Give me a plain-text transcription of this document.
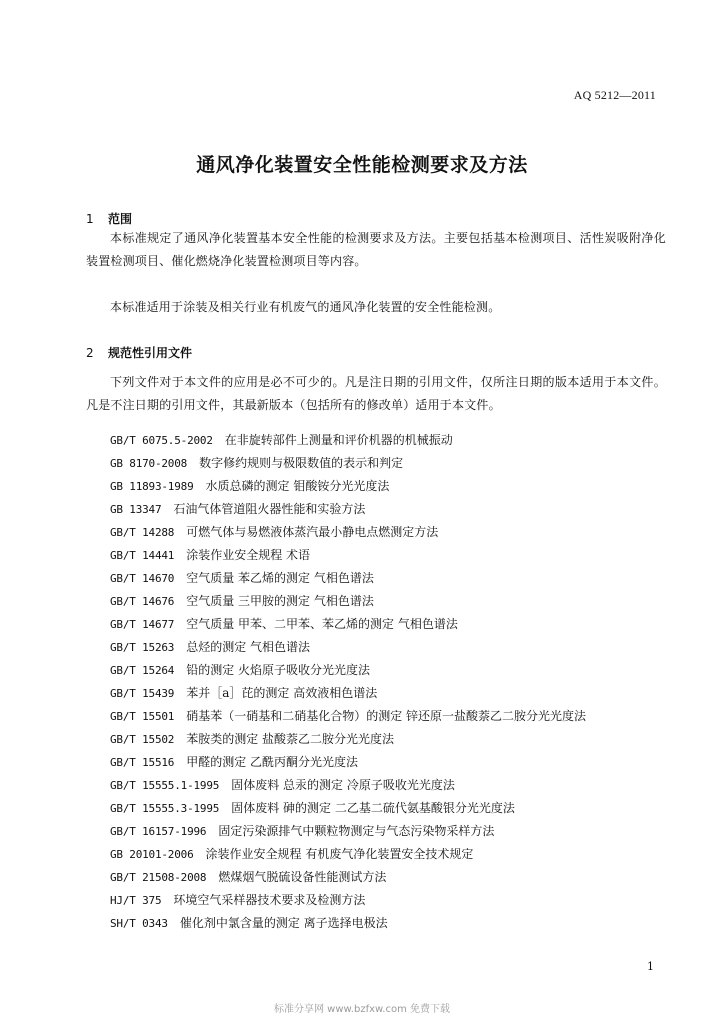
AQ 5212—2011
通风净化装置安全性能检测要求及方法
1 范围

本标准规定了通风净化装置基本安全性能的检测要求及方法。主要包括基本检测项目、活性炭吸附净化装置检测项目、催化燃烧净化装置检测项目等内容。

本标准适用于涂装及相关行业有机废气的通风净化装置的安全性能检测。

2 规范性引用文件

下列文件对于本文件的应用是必不可少的。凡是注日期的引用文件，仅所注日期的版本适用于本文件。凡是不注日期的引用文件，其最新版本（包括所有的修改单）适用于本文件。

GB/T 6075.5-2002 在非旋转部件上测量和评价机器的机械振动
GB 8170-2008 数字修约规则与极限数值的表示和判定
GB 11893-1989 水质总磷的测定 钼酸铵分光光度法
GB 13347 石油气体管道阻火器性能和实验方法
GB/T 14288 可燃气体与易燃液体蒸汽最小静电点燃测定方法
GB/T 14441 涂装作业安全规程 术语
GB/T 14670 空气质量 苯乙烯的测定 气相色谱法
GB/T 14676 空气质量 三甲胺的测定 气相色谱法
GB/T 14677 空气质量 甲苯、二甲苯、苯乙烯的测定 气相色谱法
GB/T 15263 总烃的测定 气相色谱法
GB/T 15264 铅的测定 火焰原子吸收分光光度法
GB/T 15439 苯并［a］芘的测定 高效液相色谱法
GB/T 15501 硝基苯（一硝基和二硝基化合物）的测定 锌还原一盐酸萘乙二胺分光光度法
GB/T 15502 苯胺类的测定 盐酸萘乙二胺分光光度法
GB/T 15516 甲醛的测定 乙酰丙酮分光光度法
GB/T 15555.1-1995 固体废料 总汞的测定 冷原子吸收光光度法
GB/T 15555.3-1995 固体废料 砷的测定 二乙基二硫代氨基酸银分光光度法
GB/T 16157-1996 固定污染源排气中颗粒物测定与气态污染物采样方法
GB 20101-2006 涂装作业安全规程 有机废气净化装置安全技术规定
GB/T 21508-2008 燃煤烟气脱硫设备性能测试方法
HJ/T 375 环境空气采样器技术要求及检测方法
SH/T 0343 催化剂中氯含量的测定 离子选择电极法
1
标准分享网 www.bzfxw.com 免费下载
